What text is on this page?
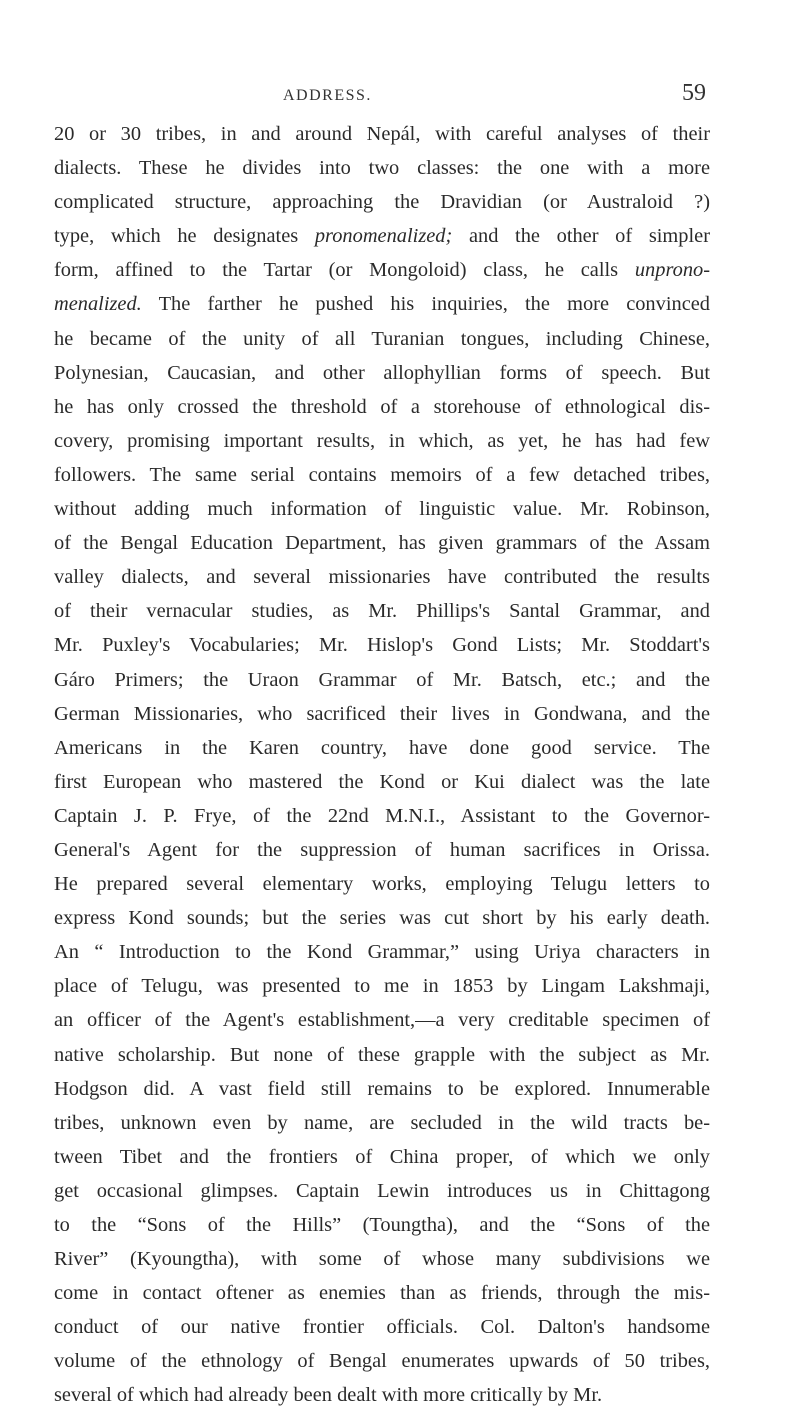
ADDRESS.	59
20 or 30 tribes, in and around Nepál, with careful analyses of their
dialects. These he divides into two classes: the one with a more
complicated structure, approaching the Dravidian (or Australoid ?)
type, which he designates pronomenalized; and the other of simpler
form, affined to the Tartar (or Mongoloid) class, he calls unprono-
menalized. The farther he pushed his inquiries, the more convinced
he became of the unity of all Turanian tongues, including Chinese,
Polynesian, Caucasian, and other allophyllian forms of speech. But
he has only crossed the threshold of a storehouse of ethnological dis-
covery, promising important results, in which, as yet, he has had few
followers. The same serial contains memoirs of a few detached tribes,
without adding much information of linguistic value. Mr. Robinson,
of the Bengal Education Department, has given grammars of the Assam
valley dialects, and several missionaries have contributed the results
of their vernacular studies, as Mr. Phillips's Santal Grammar, and
Mr. Puxley's Vocabularies; Mr. Hislop's Gond Lists; Mr. Stoddart's
Gáro Primers; the Uraon Grammar of Mr. Batsch, etc.; and the
German Missionaries, who sacrificed their lives in Gondwana, and the
Americans in the Karen country, have done good service. The
first European who mastered the Kond or Kui dialect was the late
Captain J. P. Frye, of the 22nd M.N.I., Assistant to the Governor-
General's Agent for the suppression of human sacrifices in Orissa.
He prepared several elementary works, employing Telugu letters to
express Kond sounds; but the series was cut short by his early death.
An “ Introduction to the Kond Grammar,” using Uriya characters in
place of Telugu, was presented to me in 1853 by Lingam Lakshmaji,
an officer of the Agent's establishment,—a very creditable specimen of
native scholarship. But none of these grapple with the subject as Mr.
Hodgson did. A vast field still remains to be explored. Innumerable
tribes, unknown even by name, are secluded in the wild tracts be-
tween Tibet and the frontiers of China proper, of which we only
get occasional glimpses. Captain Lewin introduces us in Chittagong
to the “Sons of the Hills” (Toungtha), and the “Sons of the
River” (Kyoungtha), with some of whose many subdivisions we
come in contact oftener as enemies than as friends, through the mis-
conduct of our native frontier officials. Col. Dalton's handsome
volume of the ethnology of Bengal enumerates upwards of 50 tribes,
several of which had already been dealt with more critically by Mr.
